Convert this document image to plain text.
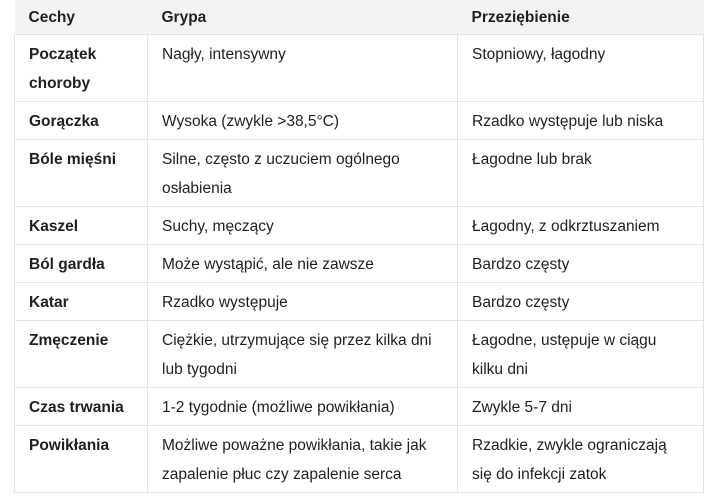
Cechy	Grypa	Przeziębienie
Początek choroby	Nagły, intensywny	Stopniowy, łagodny
Gorączka	Wysoka (zwykle >38,5°C)	Rzadko występuje lub niska
Bóle mięśni	Silne, często z uczuciem ogólnego osłabienia	Łagodne lub brak
Kaszel	Suchy, męczący	Łagodny, z odkrztuszaniem
Ból gardła	Może wystąpić, ale nie zawsze	Bardzo częsty
Katar	Rzadko występuje	Bardzo częsty
Zmęczenie	Ciężkie, utrzymujące się przez kilka dni lub tygodni	Łagodne, ustępuje w ciągu kilku dni
Czas trwania	1-2 tygodnie (możliwe powikłania)	Zwykle 5-7 dni
Powikłania	Możliwe poważne powikłania, takie jak zapalenie płuc czy zapalenie serca	Rzadkie, zwykle ograniczają się do infekcji zatok
